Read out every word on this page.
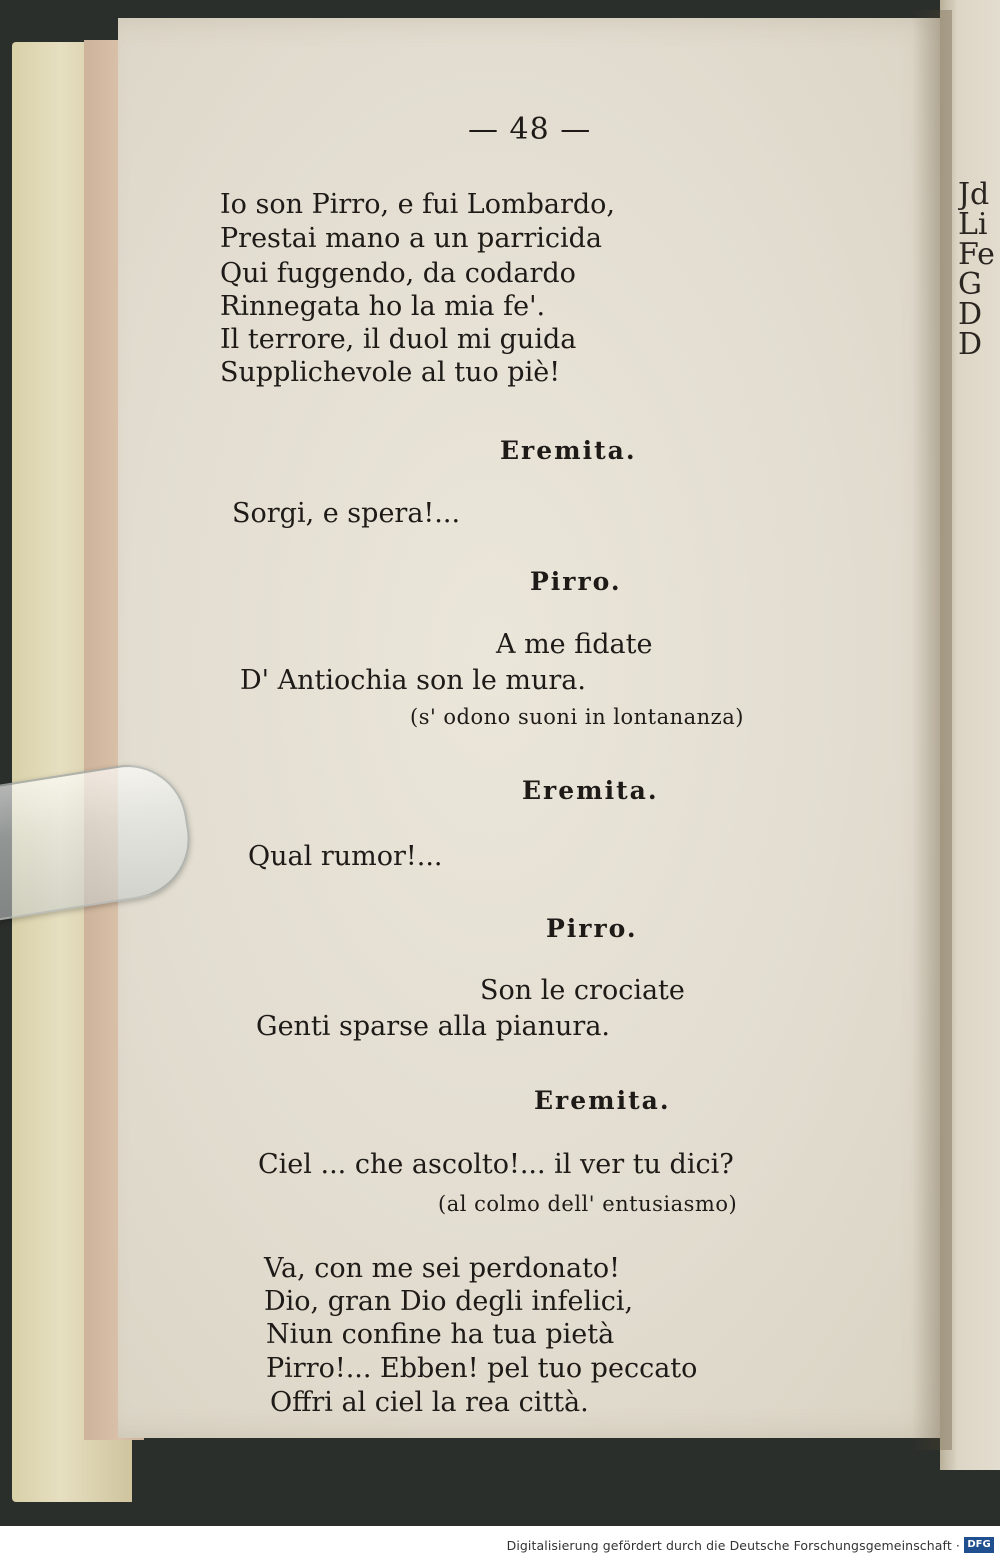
Jd
Li
Fe
G
D
D
— 48 —
Io son Pirro, e fui Lombardo,
Prestai mano a un parricida
Qui fuggendo, da codardo
Rinnegata ho la mia fe'.
Il terrore, il duol mi guida
Supplichevole al tuo piè!
Eremita.
Sorgi, e spera!...
Pirro.
A me fidate
D' Antiochia son le mura.
(s' odono suoni in lontananza)
Eremita.
Qual rumor!...
Pirro.
Son le crociate
Genti sparse alla pianura.
Eremita.
Ciel ... che ascolto!... il ver tu dici?
(al colmo dell' entusiasmo)
Va, con me sei perdonato!
Dio, gran Dio degli infelici,
Niun confine ha tua pietà
Pirro!... Ebben! pel tuo peccato
Offri al ciel la rea città.
Digitalisierung gefördert durch die Deutsche Forschungsgemeinschaft · DFG
